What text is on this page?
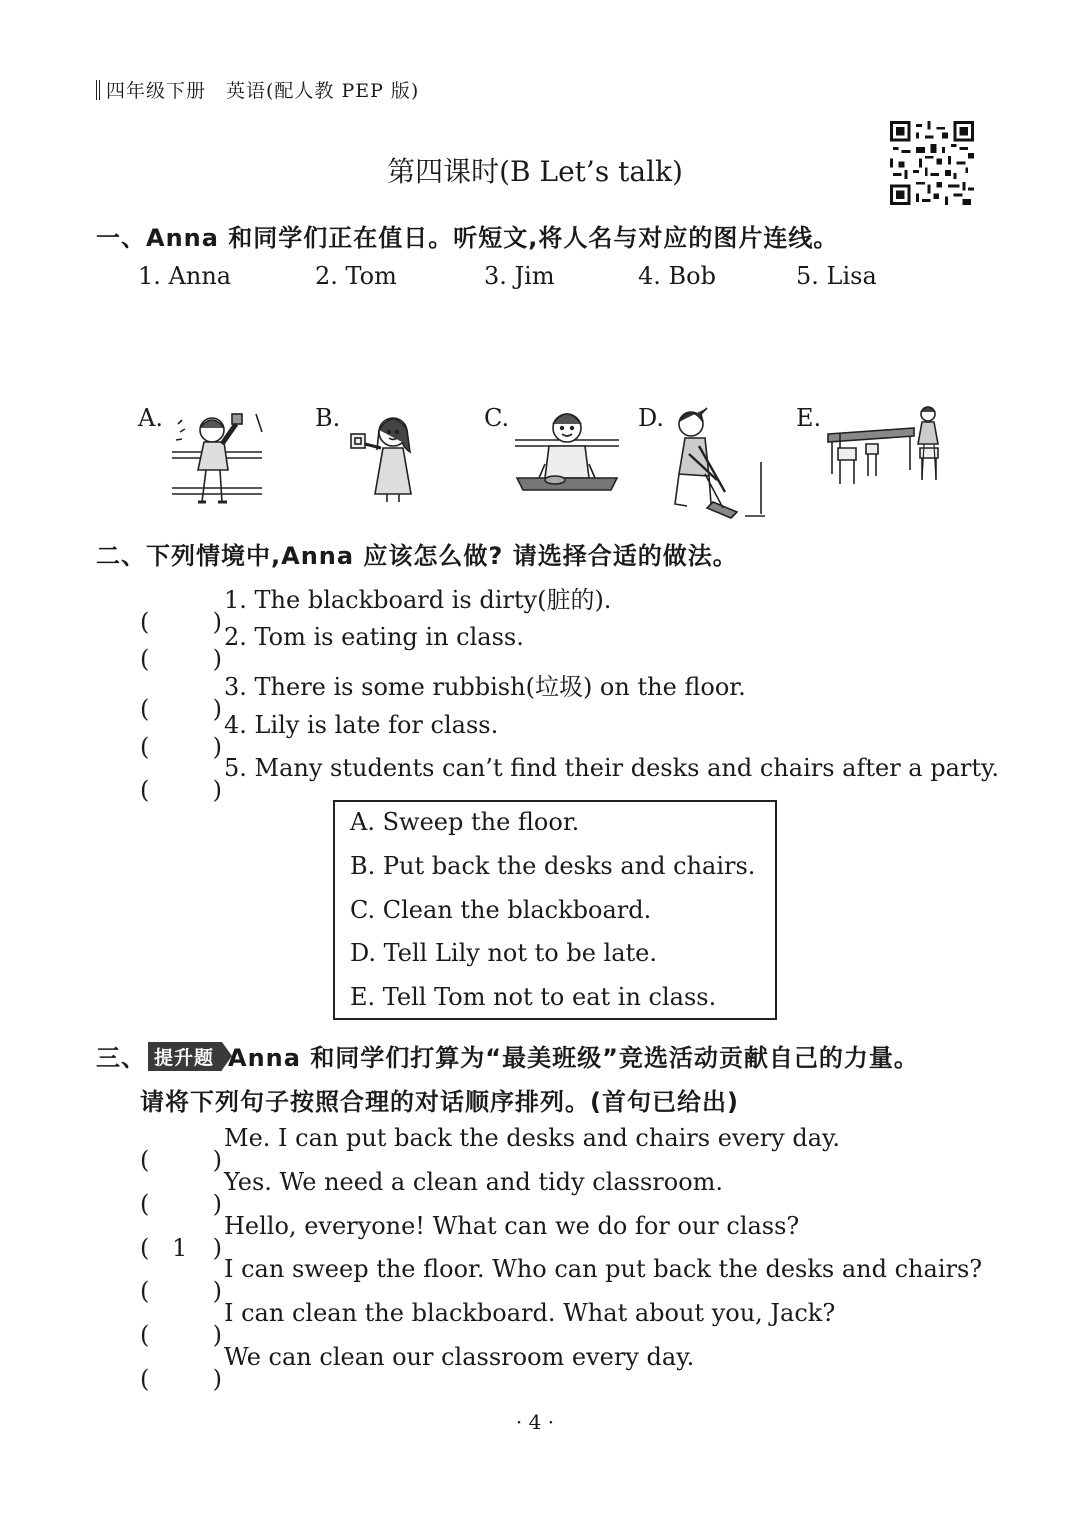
四年级下册　英语(配人教 PEP 版)
第四课时(B Let’s talk)
一、Anna 和同学们正在值日。听短文,将人名与对应的图片连线。
1. Anna	2. Tom	3. Jim	4. Bob	5. Lisa
A.	B.	C.	D.	E.
二、下列情境中,Anna 应该怎么做? 请选择合适的做法。
(	)
1. The blackboard is dirty(脏的).
(	)
2. Tom is eating in class.
(	)
3. There is some rubbish(垃圾) on the floor.
(	)
4. Lily is late for class.
(	)
5. Many students can’t find their desks and chairs after a party.
A. Sweep the floor.
B. Put back the desks and chairs.
C. Clean the blackboard.
D. Tell Lily not to be late.
E. Tell Tom not to eat in class.
三、 提升题 Anna 和同学们打算为“最美班级”竞选活动贡献自己的力量。
请将下列句子按照合理的对话顺序排列。(首句已给出)
(	)
Me. I can put back the desks and chairs every day.
(	)
Yes. We need a clean and tidy classroom.
( 1 )
Hello, everyone! What can we do for our class?
(	)
I can sweep the floor. Who can put back the desks and chairs?
(	)
I can clean the blackboard. What about you, Jack?
(	)
We can clean our classroom every day.
· 4 ·
